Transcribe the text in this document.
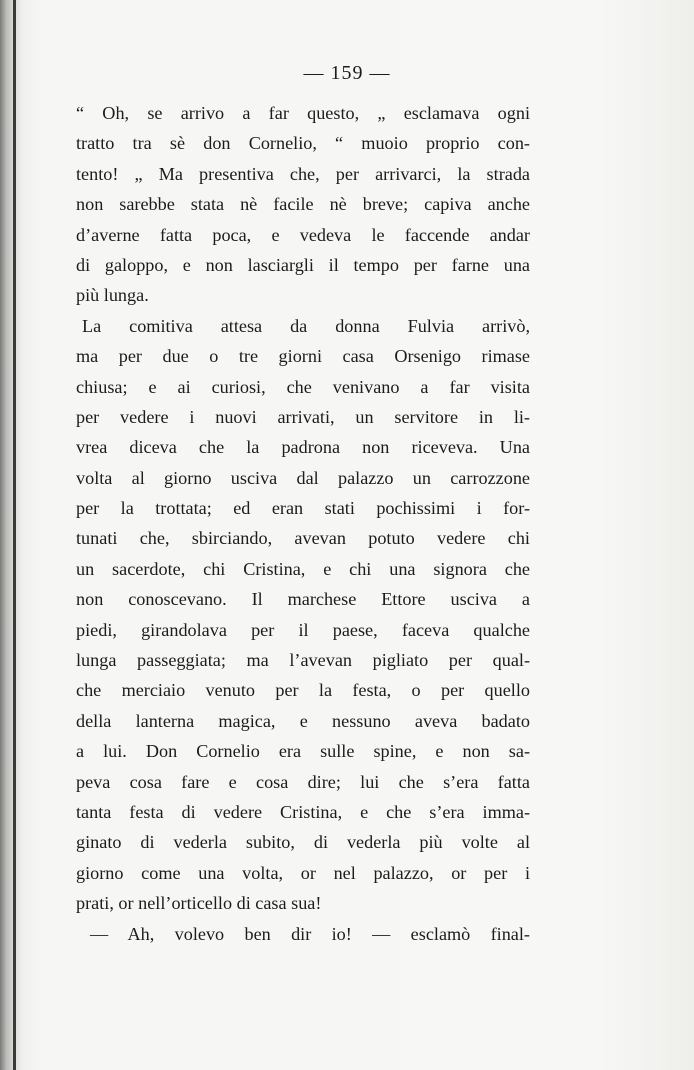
— 159 —
“ Oh, se arrivo a far questo, „ esclamava ogni
tratto tra sè don Cornelio, “ muoio proprio con-
tento! „ Ma presentiva che, per arrivarci, la strada
non sarebbe stata nè facile nè breve; capiva anche
d’averne fatta poca, e vedeva le faccende andar
di galoppo, e non lasciargli il tempo per farne una
più lunga.
La comitiva attesa da donna Fulvia arrivò,
ma per due o tre giorni casa Orsenigo rimase
chiusa; e ai curiosi, che venivano a far visita
per vedere i nuovi arrivati, un servitore in li-
vrea diceva che la padrona non riceveva. Una
volta al giorno usciva dal palazzo un carrozzone
per la trottata; ed eran stati pochissimi i for-
tunati che, sbirciando, avevan potuto vedere chi
un sacerdote, chi Cristina, e chi una signora che
non conoscevano. Il marchese Ettore usciva a
piedi, girandolava per il paese, faceva qualche
lunga passeggiata; ma l’avevan pigliato per qual-
che merciaio venuto per la festa, o per quello
della lanterna magica, e nessuno aveva badato
a lui. Don Cornelio era sulle spine, e non sa-
peva cosa fare e cosa dire; lui che s’era fatta
tanta festa di vedere Cristina, e che s’era imma-
ginato di vederla subito, di vederla più volte al
giorno come una volta, or nel palazzo, or per i
prati, or nell’orticello di casa sua!
— Ah, volevo ben dir io! — esclamò final-
